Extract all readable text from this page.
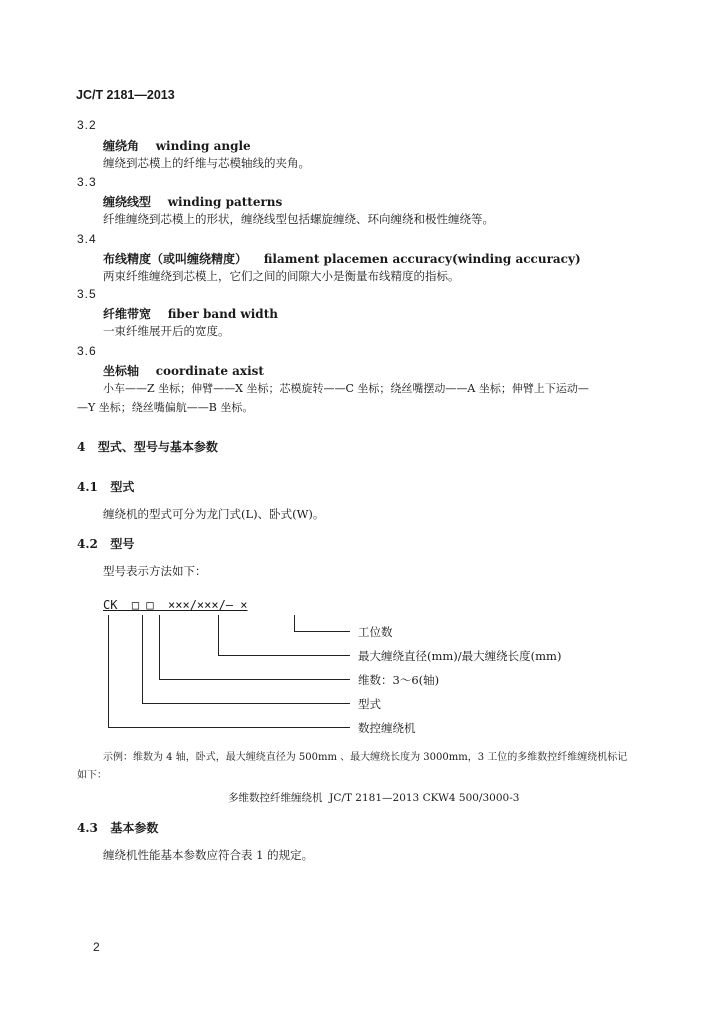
JC/T 2181—2013
3.2
缠绕角    winding angle
缠绕到芯模上的纤维与芯模轴线的夹角。
3.3
缠绕线型    winding patterns
纤维缠绕到芯模上的形状，缠绕线型包括螺旋缠绕、环向缠绕和极性缠绕等。
3.4
布线精度（或叫缠绕精度）    filament placemen accuracy(winding accuracy)
两束纤维缠绕到芯模上，它们之间的间隙大小是衡量布线精度的指标。
3.5
纤维带宽    fiber band width
一束纤维展开后的宽度。
3.6
坐标轴    coordinate axist
小车——Z 坐标；伸臂——X 坐标；芯模旋转——C 坐标；绕丝嘴摆动——A 坐标；伸臂上下运动—
—Y 坐标；绕丝嘴偏航——B 坐标。
4   型式、型号与基本参数
4.1   型式
缠绕机的型式可分为龙门式(L)、卧式(W)。
4.2   型号
型号表示方法如下：
CK  □ □  ×××/×××/— ×
工位数
最大缠绕直径(mm)/最大缠绕长度(mm)
维数：3～6(轴)
型式
数控缠绕机
示例：维数为 4 轴，卧式，最大缠绕直径为 500mm 、最大缠绕长度为 3000mm，3 工位的多维数控纤维缠绕机标记
如下：
多维数控纤维缠绕机  JC/T 2181—2013 CKW4 500/3000-3
4.3   基本参数
缠绕机性能基本参数应符合表 1 的规定。
2
